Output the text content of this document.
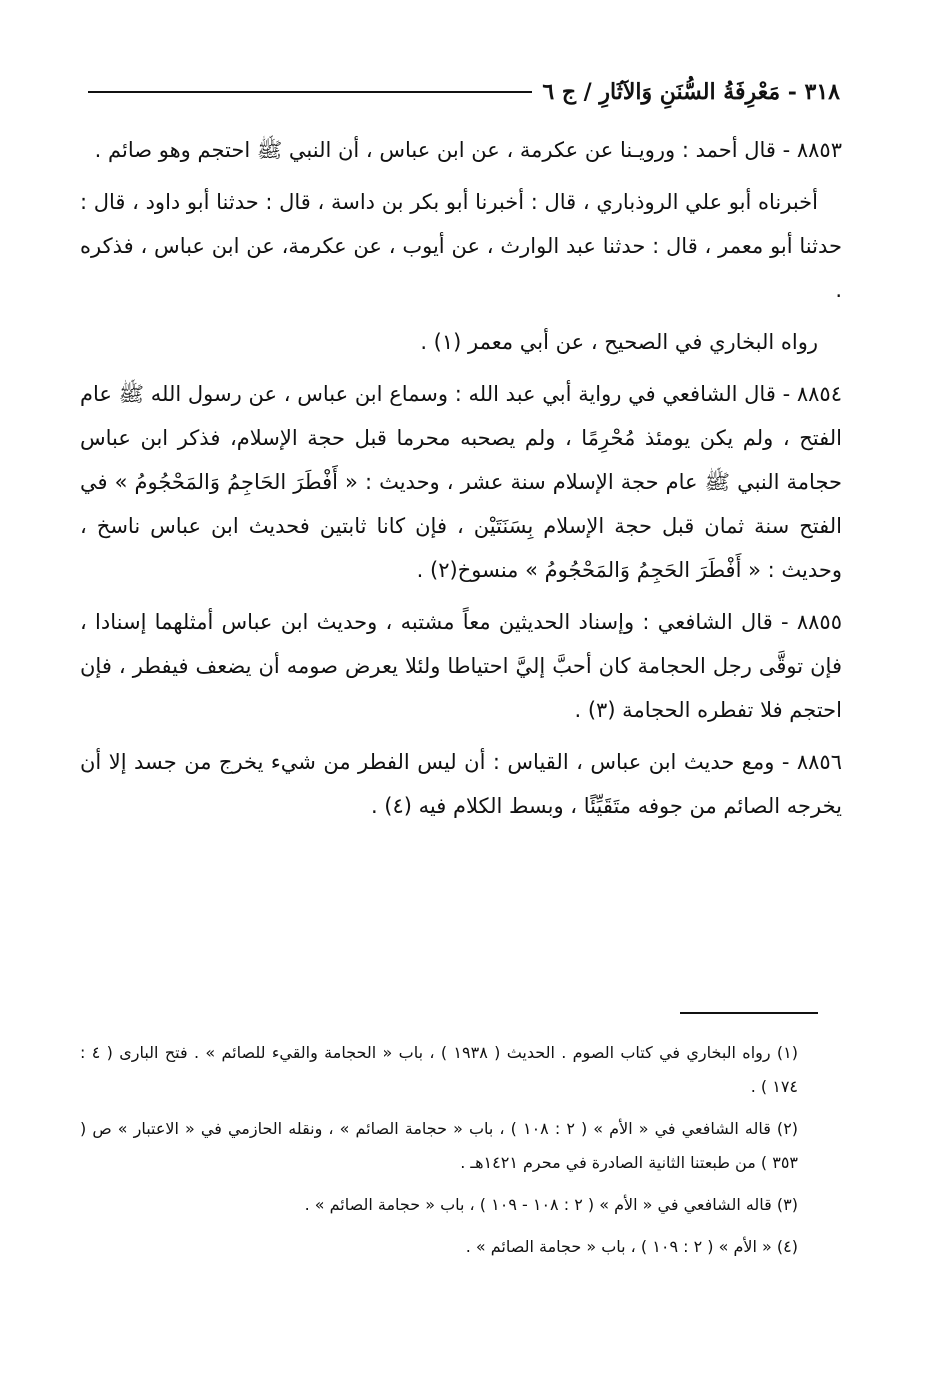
٣١٨ - مَعْرِفَةُ السُّنَنِ وَالآثَارِ / ج ٦

٨٨٥٣ - قال أحمد : ورويـنا عن عكرمة ، عن ابن عباس ، أن النبي ﷺ احتجم وهو صائم .

أخبرناه أبو علي الروذباري ، قال : أخبرنا أبو بكر بن داسة ، قال : حدثنا أبو داود ، قال : حدثنا أبو معمر ، قال : حدثنا عبد الوارث ، عن أيوب ، عن عكرمة، عن ابن عباس ، فذكره .

رواه البخاري في الصحيح ، عن أبي معمر (١) .

٨٨٥٤ - قال الشافعي في رواية أبي عبد الله : وسماع ابن عباس ، عن رسول الله ﷺ عام الفتح ، ولم يكن يومئذ مُحْرِمًا ، ولم يصحبه محرما قبل حجة الإسلام، فذكر ابن عباس حجامة النبي ﷺ عام حجة الإسلام سنة عشر ، وحديث : « أَفْطَرَ الحَاجِمُ وَالمَحْجُومُ » في الفتح سنة ثمان قبل حجة الإسلام بِسَنَتَيْن ، فإن كانا ثابتين فحديث ابن عباس ناسخ ، وحديث : « أَفْطَرَ الحَجِمُ وَالمَحْجُومُ » منسوخ(٢) .

٨٨٥٥ - قال الشافعي : وإسناد الحديثين معاً مشتبه ، وحديث ابن عباس أمثلهما إسنادا ، فإن توقَّى رجل الحجامة كان أحبَّ إليَّ احتياطا ولئلا يعرض صومه أن يضعف فيفطر ، فإن احتجم فلا تفطره الحجامة (٣) .

٨٨٥٦ - ومع حديث ابن عباس ، القياس : أن ليس الفطر من شيء يخرج من جسد إلا أن يخرجه الصائم من جوفه متَقَيِّئًا ، وبسط الكلام فيه (٤) .

(١) رواه البخاري في كتاب الصوم . الحديث ( ١٩٣٨ ) ، باب « الحجامة والقيء للصائم » . فتح البارى ( ٤ : ١٧٤ ) .

(٢) قاله الشافعي في « الأم » ( ٢ : ١٠٨ ) ، باب « حجامة الصائم » ، ونقله الحازمي في « الاعتبار » ص ( ٣٥٣ ) من طبعتنا الثانية الصادرة في محرم ١٤٢١هـ .

(٣) قاله الشافعي في « الأم » ( ٢ : ١٠٨ - ١٠٩ ) ، باب « حجامة الصائم » .

(٤) « الأم » ( ٢ : ١٠٩ ) ، باب « حجامة الصائم » .
